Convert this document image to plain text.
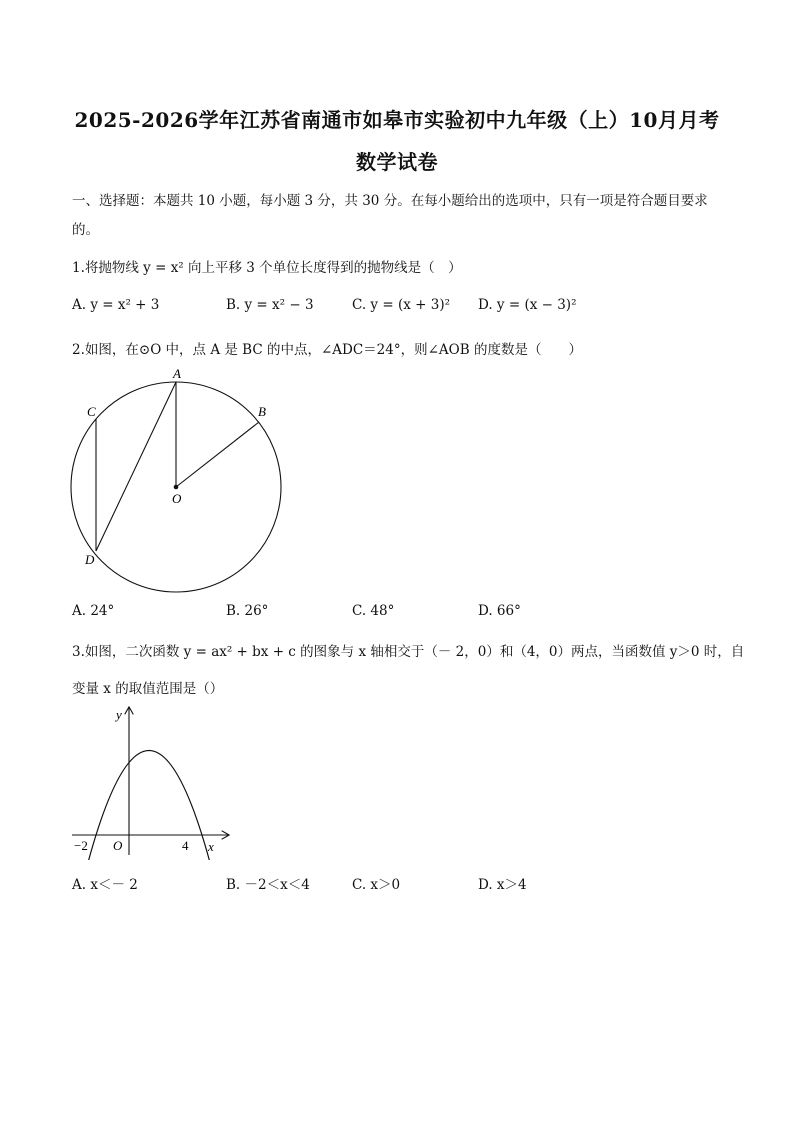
2025-2026学年江苏省南通市如皋市实验初中九年级（上）10月月考
数学试卷
一、选择题：本题共 10 小题，每小题 3 分，共 30 分。在每小题给出的选项中，只有一项是符合题目要求
的。
1.将抛物线 y = x² 向上平移 3 个单位长度得到的抛物线是（　）
A. y = x² + 3	B. y = x² − 3	C. y = (x + 3)² D. y = (x − 3)²
2.如图，在⊙O 中，点 A 是 BC 的中点，∠ADC＝24°，则∠AOB 的度数是（　　）
A
B
C
D
O
A. 24°	B. 26°	C. 48°	D. 66°
3.如图，二次函数 y = ax² + bx + c 的图象与 x 轴相交于（－ 2，0）和（4，0）两点，当函数值 y＞0 时，自
变量 x 的取值范围是（）
y
x
O
−2	4
A. x＜－ 2	B. －2＜x＜4	C. x＞0	D. x＞4
